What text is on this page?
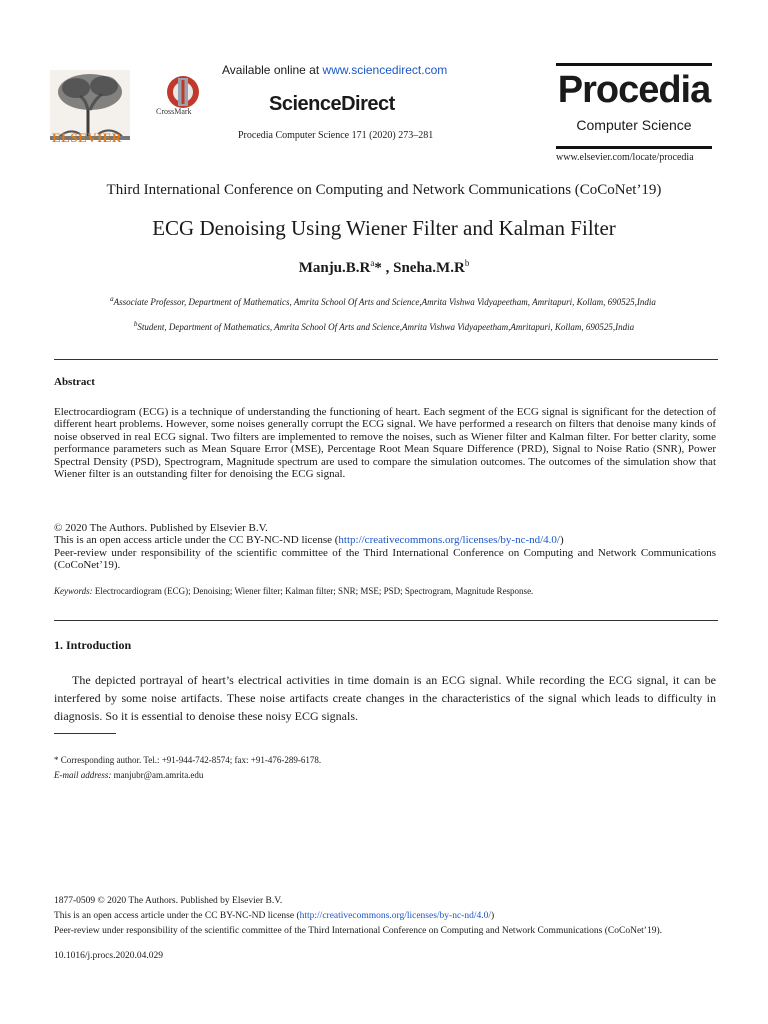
ELSEVIER
CrossMark
Available online at www.sciencedirect.com
ScienceDirect
Procedia Computer Science 171 (2020) 273–281
Procedia
Computer Science
www.elsevier.com/locate/procedia
Third International Conference on Computing and Network Communications (CoCoNet’19)
ECG Denoising Using Wiener Filter and Kalman Filter
$Manju.B.R^a*$ , $Sneha.M.R^b$
$^a$Associate Professor, Department of Mathematics, Amrita School Of Arts and Science,Amrita Vishwa Vidyapeetham, Amritapuri, Kollam, 690525,India
$^b$Student, Department of Mathematics, Amrita School Of Arts and Science,Amrita Vishwa Vidyapeetham,Amritapuri, Kollam, 690525,India
Abstract
Electrocardiogram (ECG) is a technique of understanding the functioning of heart. Each segment of the ECG signal is significant for the detection of different heart problems. However, some noises generally corrupt the ECG signal. We have performed a research on filters that denoise many kinds of noise observed in real ECG signal. Two filters are implemented to remove the noises, such as Wiener filter and Kalman filter. For better clarity, some performance parameters such as Mean Square Error (MSE), Percentage Root Mean Square Difference (PRD), Signal to Noise Ratio (SNR), Power Spectral Density (PSD), Spectrogram, Magnitude spectrum are used to compare the simulation outcomes. The outcomes of the simulation show that Wiener filter is an outstanding filter for denoising the ECG signal.
© 2020 The Authors. Published by Elsevier B.V.
This is an open access article under the CC BY-NC-ND license (http://creativecommons.org/licenses/by-nc-nd/4.0/)
Peer-review under responsibility of the scientific committee of the Third International Conference on Computing and Network Communications (CoCoNet’19).
Keywords: Electrocardiogram (ECG); Denoising; Wiener filter; Kalman filter; SNR; MSE; PSD; Spectrogram, Magnitude Response.
1. Introduction
The depicted portrayal of heart’s electrical activities in time domain is an ECG signal. While recording the ECG signal, it can be interfered by some noise artifacts. These noise artifacts create changes in the characteristics of the signal which leads to difficulty in diagnosis. So it is essential to denoise these noisy ECG signals.
* Corresponding author. Tel.: +91-944-742-8574; fax: +91-476-289-6178.
E-mail address: manjubr@am.amrita.edu
1877-0509 © 2020 The Authors. Published by Elsevier B.V.
This is an open access article under the CC BY-NC-ND license (http://creativecommons.org/licenses/by-nc-nd/4.0/)
Peer-review under responsibility of the scientific committee of the Third International Conference on Computing and Network Communications (CoCoNet’19).
10.1016/j.procs.2020.04.029
